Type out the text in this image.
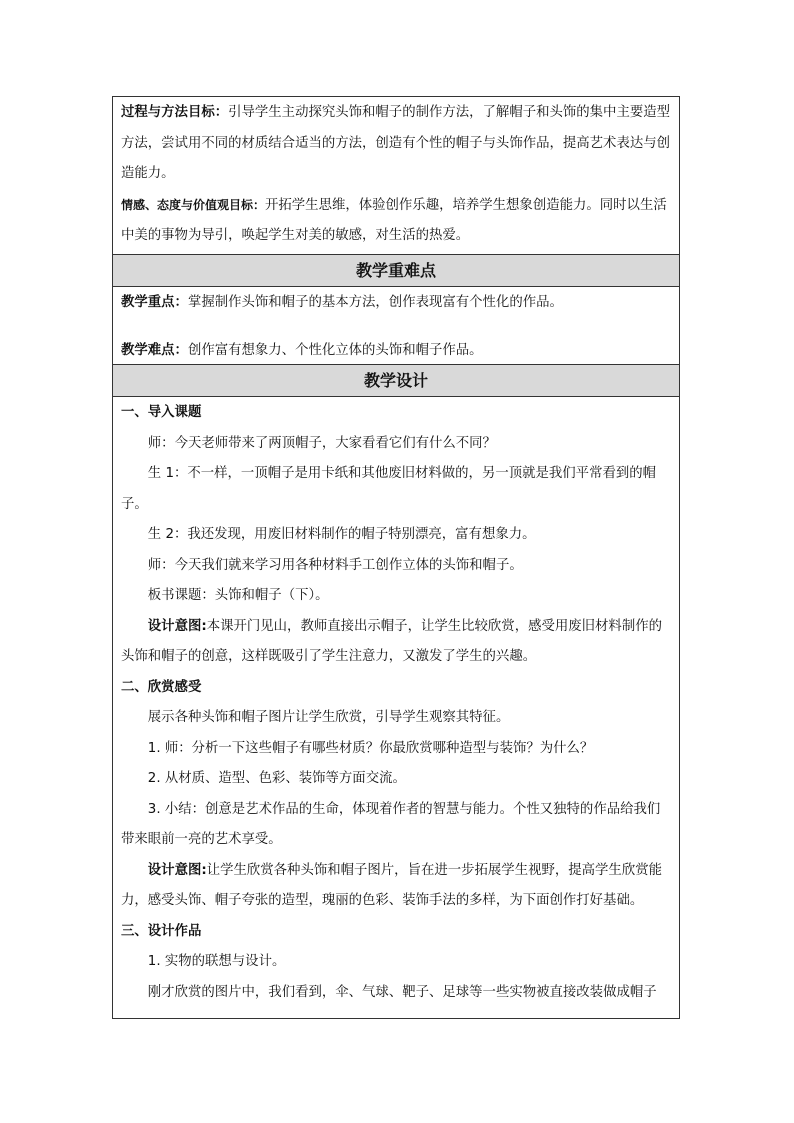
过程与方法目标：引导学生主动探究头饰和帽子的制作方法，了解帽子和头饰的集中主要造型方法，尝试用不同的材质结合适当的方法，创造有个性的帽子与头饰作品，提高艺术表达与创造能力。

情感、态度与价值观目标：开拓学生思维，体验创作乐趣，培养学生想象创造能力。同时以生活中美的事物为导引，唤起学生对美的敏感，对生活的热爱。

教学重难点

教学重点：掌握制作头饰和帽子的基本方法，创作表现富有个性化的作品。

教学难点：创作富有想象力、个性化立体的头饰和帽子作品。

教学设计

一、导入课题

师：今天老师带来了两顶帽子，大家看看它们有什么不同？

生 1：不一样，一顶帽子是用卡纸和其他废旧材料做的，另一顶就是我们平常看到的帽子。

生 2：我还发现，用废旧材料制作的帽子特别漂亮，富有想象力。

师：今天我们就来学习用各种材料手工创作立体的头饰和帽子。

板书课题：头饰和帽子（下）。

设计意图:本课开门见山，教师直接出示帽子，让学生比较欣赏，感受用废旧材料制作的头饰和帽子的创意，这样既吸引了学生注意力，又激发了学生的兴趣。

二、欣赏感受

展示各种头饰和帽子图片让学生欣赏，引导学生观察其特征。

1. 师：分析一下这些帽子有哪些材质？你最欣赏哪种造型与装饰？为什么？

2. 从材质、造型、色彩、装饰等方面交流。

3. 小结：创意是艺术作品的生命，体现着作者的智慧与能力。个性又独特的作品给我们带来眼前一亮的艺术享受。

设计意图:让学生欣赏各种头饰和帽子图片，旨在进一步拓展学生视野，提高学生欣赏能力，感受头饰、帽子夸张的造型，瑰丽的色彩、装饰手法的多样，为下面创作打好基础。

三、设计作品

1. 实物的联想与设计。

刚才欣赏的图片中，我们看到，伞、气球、靶子、足球等一些实物被直接改装做成帽子
